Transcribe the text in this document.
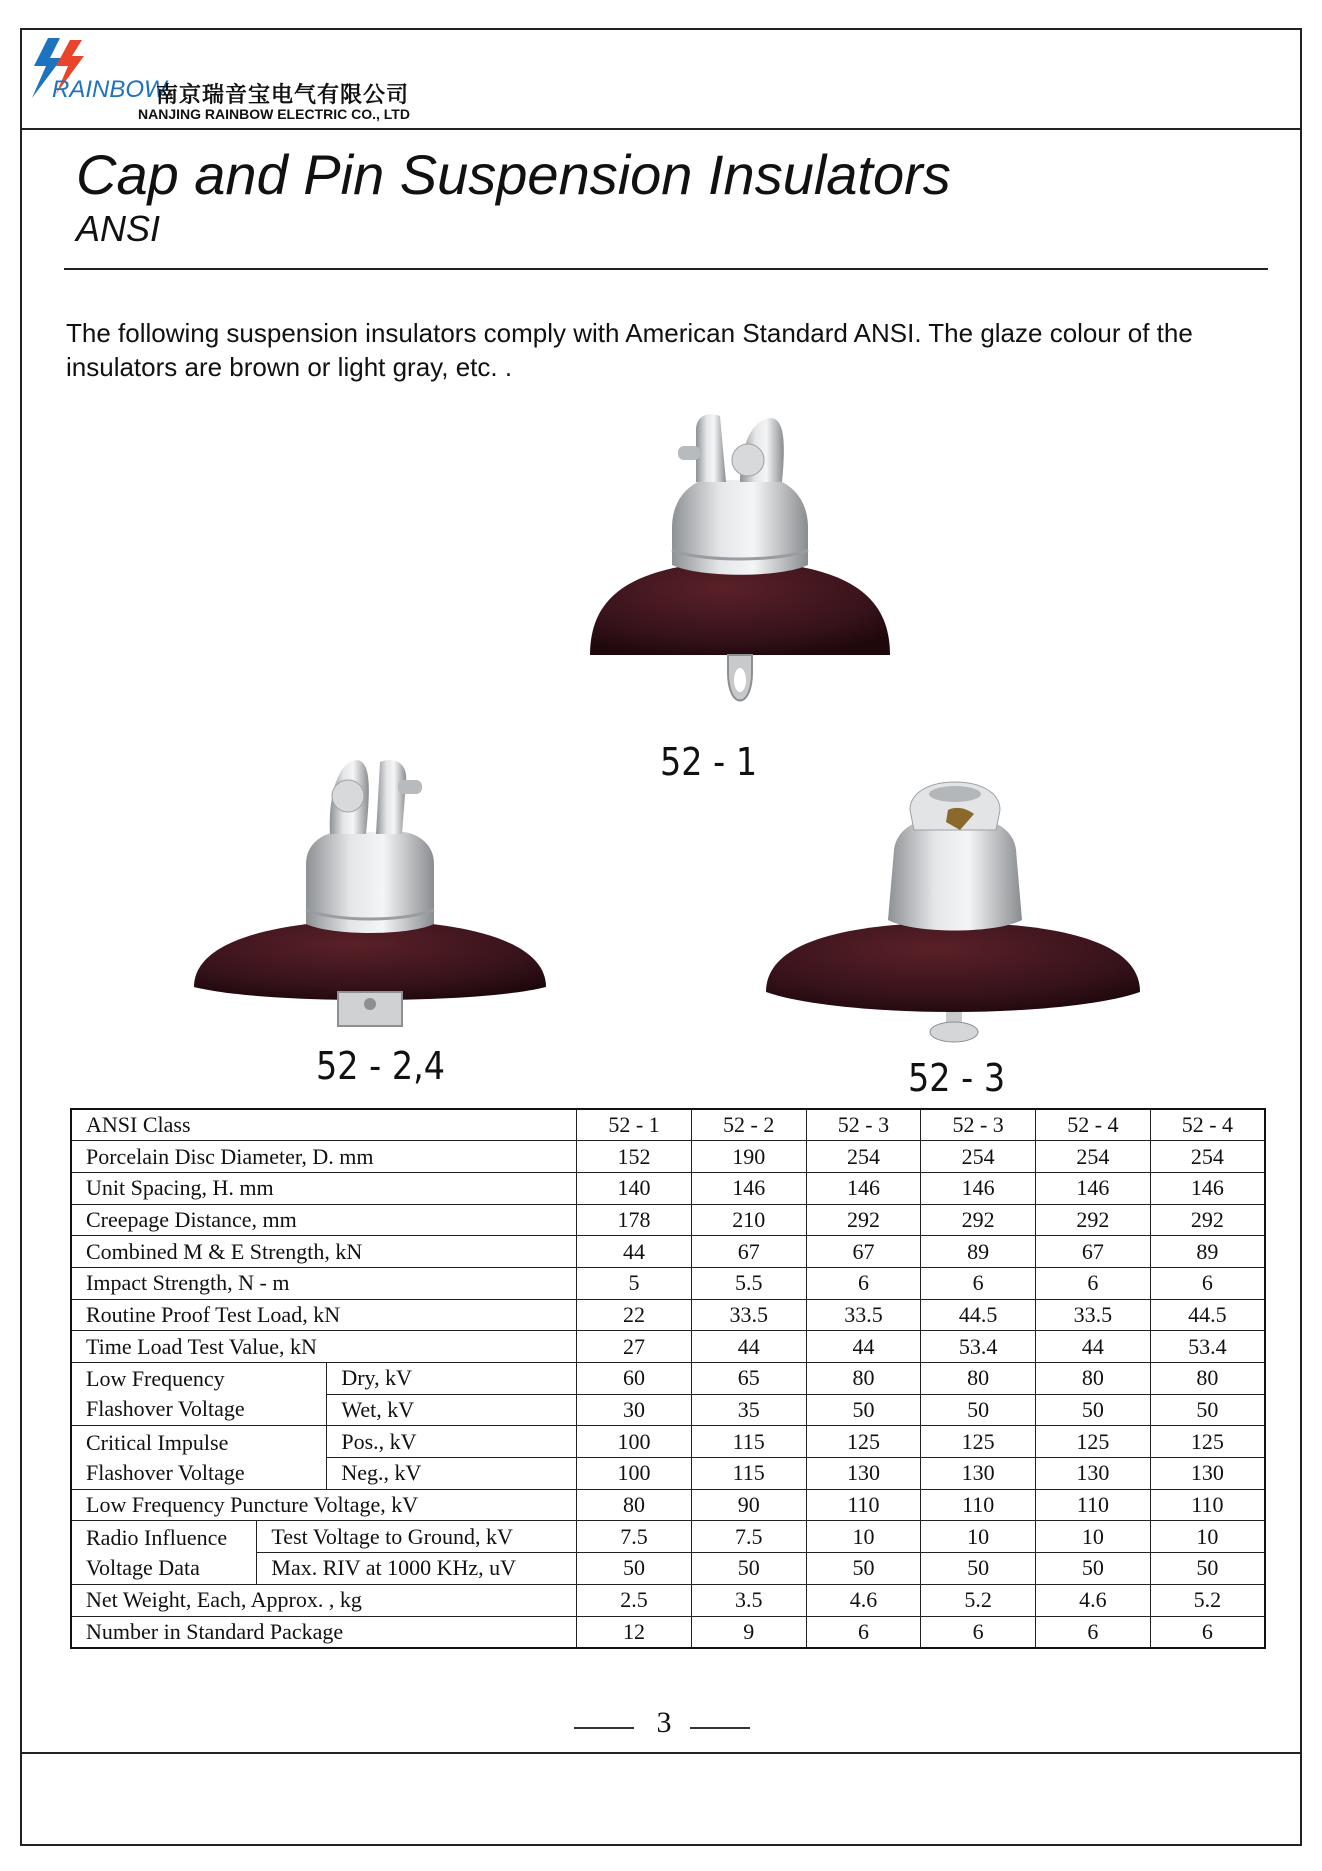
RAINBOW
南京瑞音宝电气有限公司
NANJING RAINBOW ELECTRIC CO., LTD
Cap and Pin Suspension Insulators
ANSI
The following suspension insulators comply with American Standard ANSI. The glaze colour of the insulators are brown or light gray, etc. .
52 - 1
52 - 2,4	52 - 3
ANSI Class			52 - 1	52 - 2	52 - 3	52 - 3	52 - 4	52 - 4
Porcelain Disc Diameter, D. mm			152	190	254	254	254	254
Unit Spacing, H. mm			140	146	146	146	146	146
Creepage Distance, mm			178	210	292	292	292	292
Combined M & E Strength, kN			44	67	67	89	67	89
Impact Strength, N - m			5	5.5	6	6	6	6
Routine Proof Test Load, kN			22	33.5	33.5	44.5	33.5	44.5
Time Load Test Value, kN			27	44	44	53.4	44	53.4
Low Frequency
Flashover Voltage		Dry, kV	60	65	80	80	80	80
		Wet, kV	30	35	50	50	50	50
Critical Impulse
Flashover Voltage		Pos., kV	100	115	125	125	125	125
		Neg., kV	100	115	130	130	130	130
Low Frequency Puncture Voltage, kV			80	90	110	110	110	110
Radio Influence
Voltage Data	Test Voltage to Ground, kV		7.5	7.5	10	10	10	10
	Max. RIV at 1000 KHz, uV		50	50	50	50	50	50
Net Weight, Each, Approx. , kg			2.5	3.5	4.6	5.2	4.6	5.2
Number in Standard Package			12	9	6	6	6	6
3
